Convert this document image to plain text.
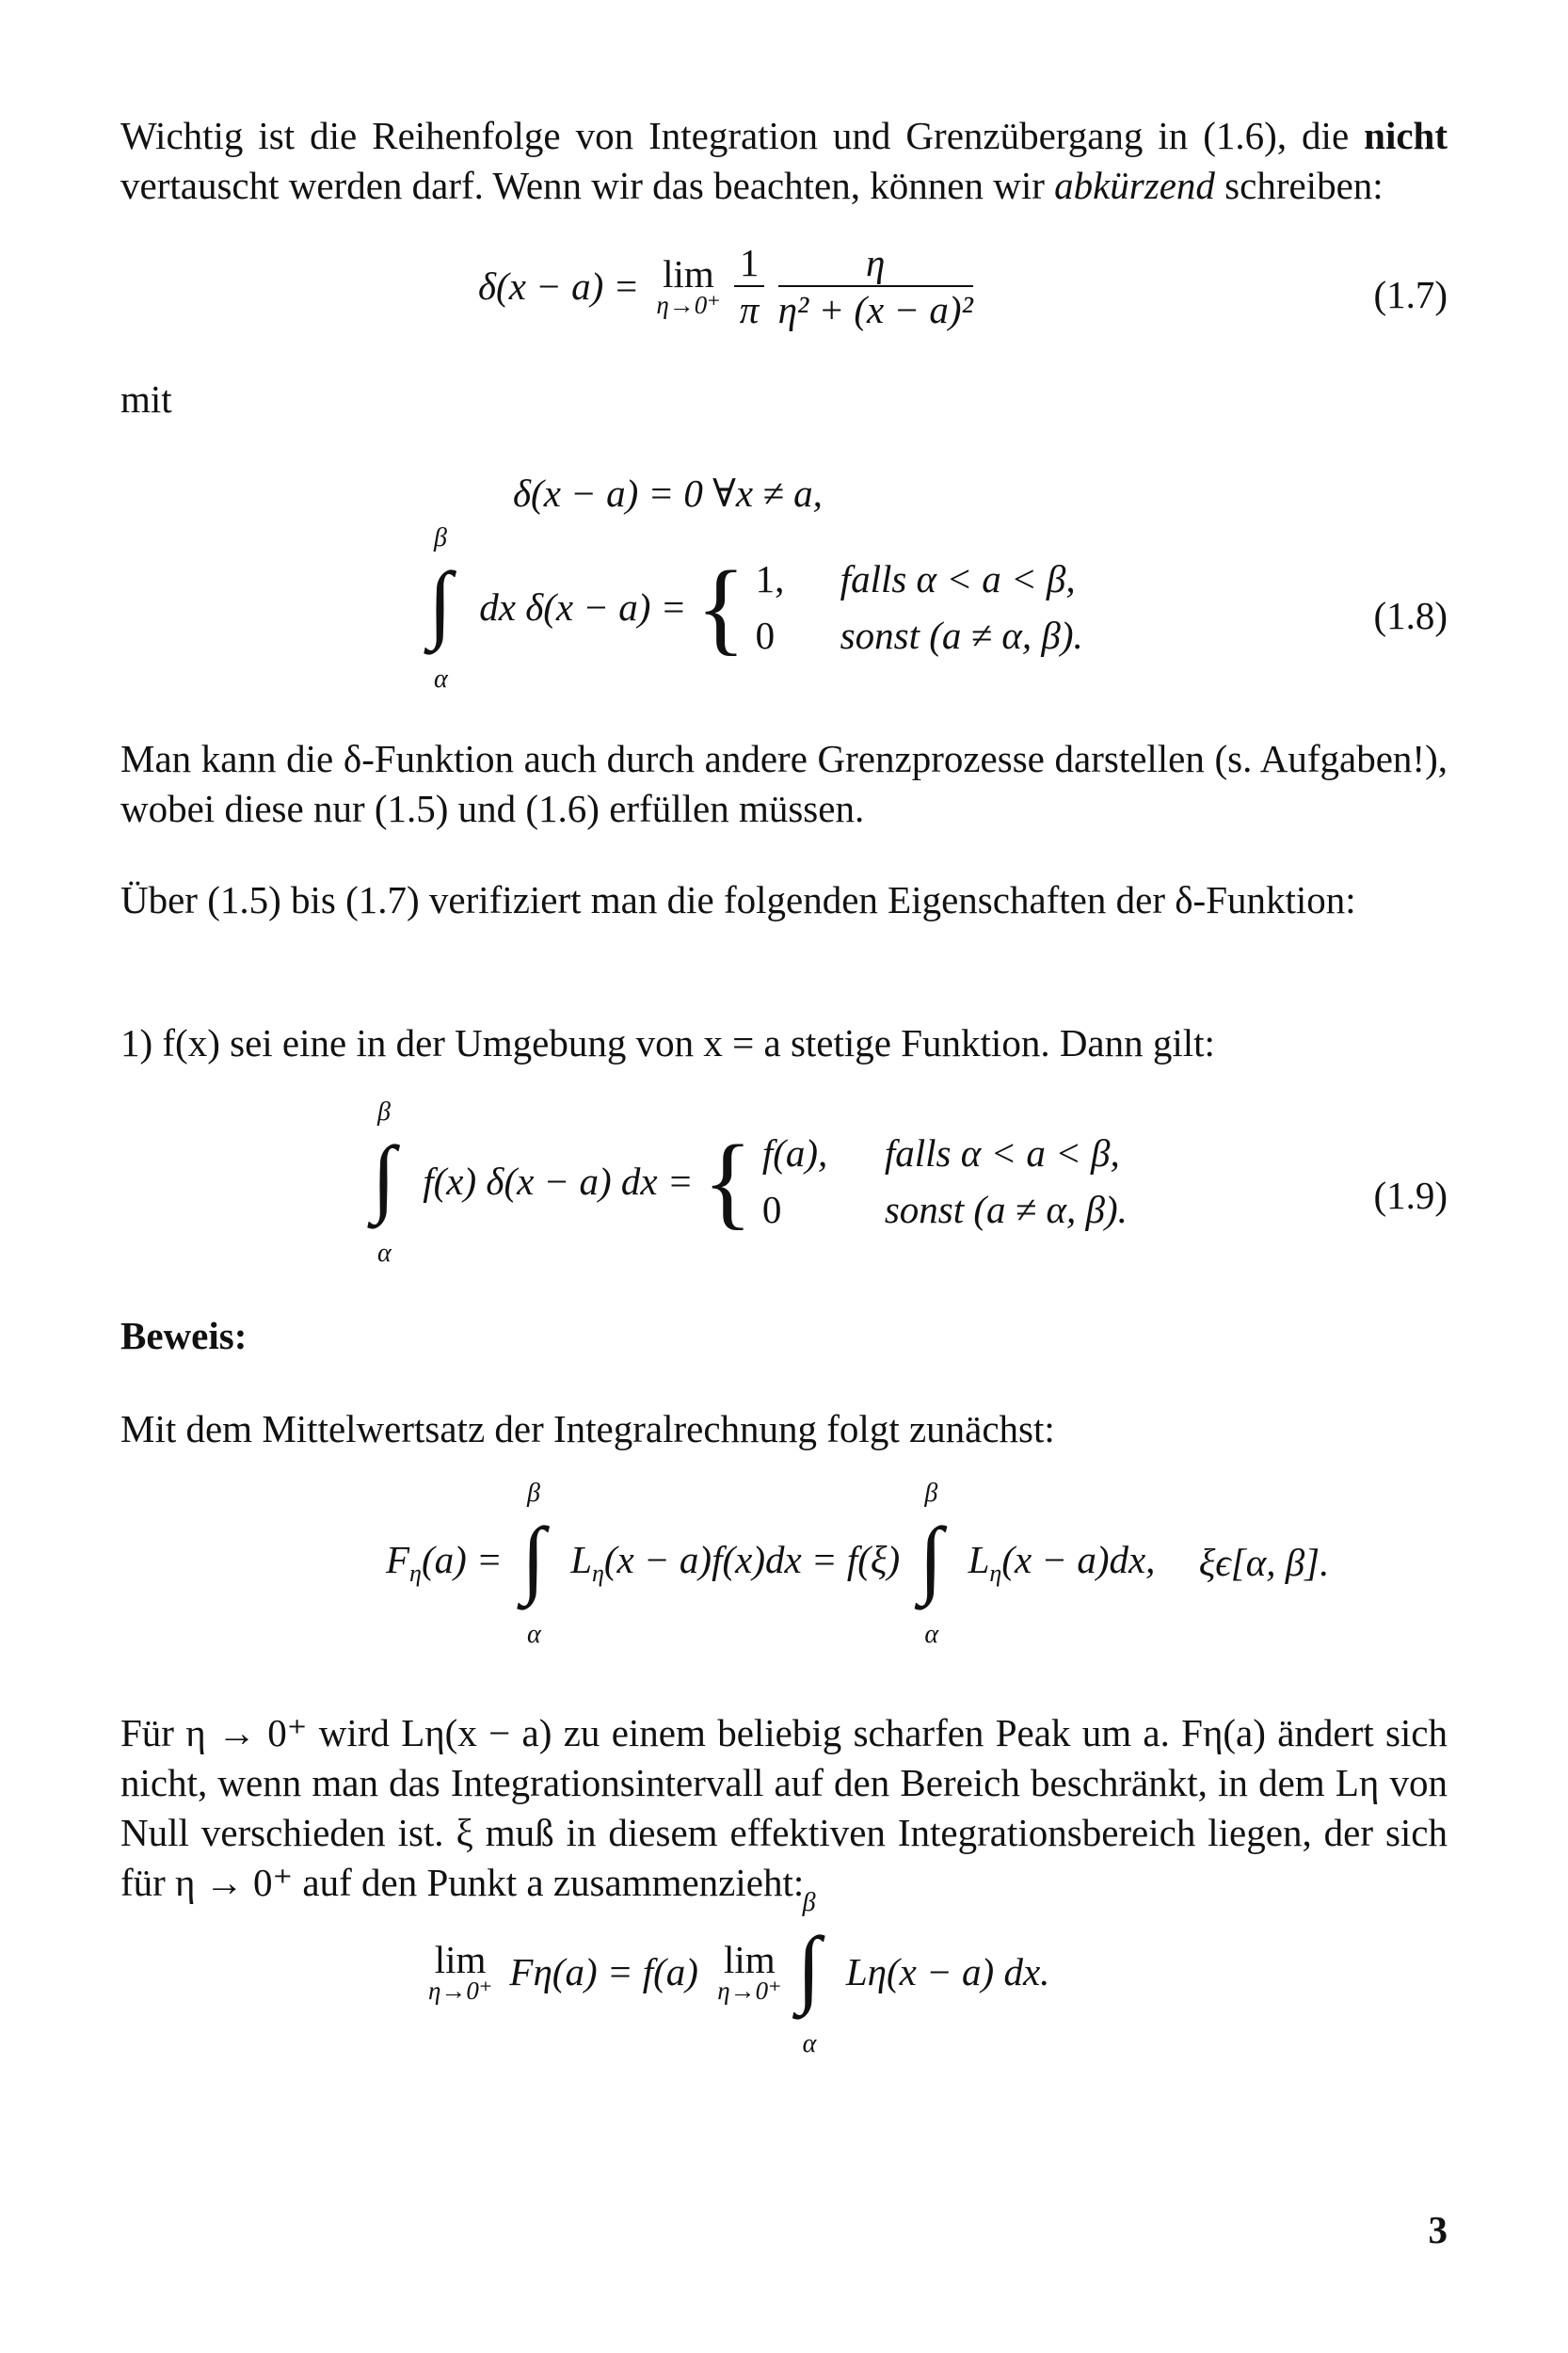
Wichtig ist die Reihenfolge von Integration und Grenzübergang in (1.6), die nicht vertauscht werden darf. Wenn wir das beachten, können wir abkürzend schreiben:

δ(x − a) = lim
η→0⁺
$\frac{1}{\pi}$
$\frac{\eta}{\text{η² + (x − a)²}}$	(1.7)

mit

δ(x − a) = 0 ∀x ≠ a,
∫
β
α
dx δ(x − a) = { 1, falls α < a < β,
0 sonst (a ≠ α, β).	(1.8)

Man kann die δ-Funktion auch durch andere Grenzprozesse darstellen (s. Aufgaben!), wobei diese nur (1.5) und (1.6) erfüllen müssen.

Über (1.5) bis (1.7) verifiziert man die folgenden Eigenschaften der δ-Funktion:

1) f(x) sei eine in der Umgebung von x = a stetige Funktion. Dann gilt:

∫
β
α
f(x) δ(x − a) dx = { f(a), falls α < a < β,
0	sonst (a ≠ α, β).	(1.9)
Beweis:

Mit dem Mittelwertsatz der Integralrechnung folgt zunächst:

$F_\eta(a)$ = ∫
β
α
$L_\eta(x - a)f(x)dx = f(\xi)$ ∫
β
α
$L_\eta(x - a)dx$, ξϵ[α, β].

Für η → 0⁺ wird Lη(x − a) zu einem beliebig scharfen Peak um a. Fη(a) ändert sich nicht, wenn man das Integrationsintervall auf den Bereich beschränkt, in dem Lη von Null verschieden ist. ξ muß in diesem effektiven Integrationsbereich liegen, der sich für η → 0⁺ auf den Punkt a zusammenzieht:

lim
η→0⁺ Fη(a) = f(a) lim
η→0⁺
∫
β
α
Lη(x − a) dx.
3
